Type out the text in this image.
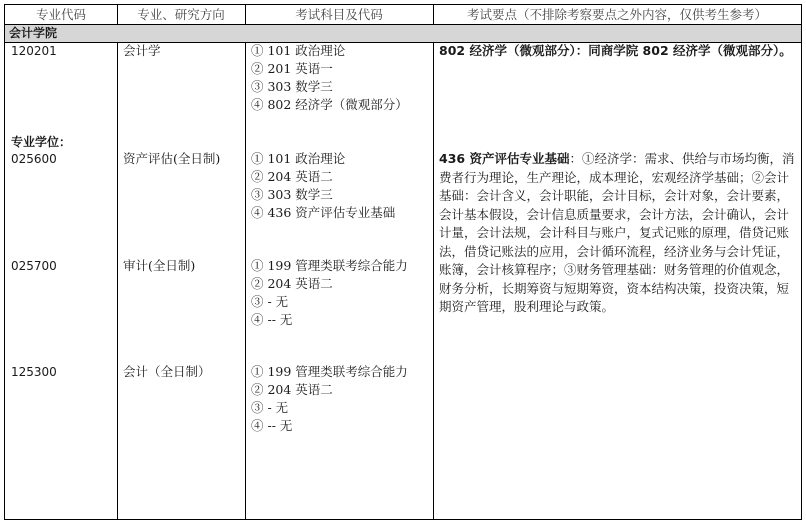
专业代码	专业、研究方向	考试科目及代码	考试要点（不排除考察要点之外内容，仅供考生参考）
会计学院
120201	会计学	① 101 政治理论
② 201 英语一
③ 303 数学三
④ 802 经济学（微观部分）
802 经济学（微观部分）：同商学院 802 经济学（微观部分）。
专业学位：
025600	资产评估(全日制) ① 101 政治理论
② 204 英语二
③ 303 数学三
④ 436 资产评估专业基础
436 资产评估专业基础：①经济学：需求、供给与市场均衡，消费者行为理论，生产理论，成本理论，宏观经济学基础；②会计基础：会计含义，会计职能，会计目标，会计对象，会计要素，会计基本假设，会计信息质量要求，会计方法，会计确认，会计计量，会计法规，会计科目与账户，复式记账的原理，借贷记账法，借贷记账法的应用，会计循环流程，经济业务与会计凭证，账簿，会计核算程序；③财务管理基础：财务管理的价值观念，财务分析，长期筹资与短期筹资，资本结构决策，投资决策，短期资产管理，股利理论与政策。
025700	审计(全日制)	① 199 管理类联考综合能力
② 204 英语二
③ - 无
④ -- 无
125300	会计（全日制）	① 199 管理类联考综合能力
② 204 英语二
③ - 无
④ -- 无
